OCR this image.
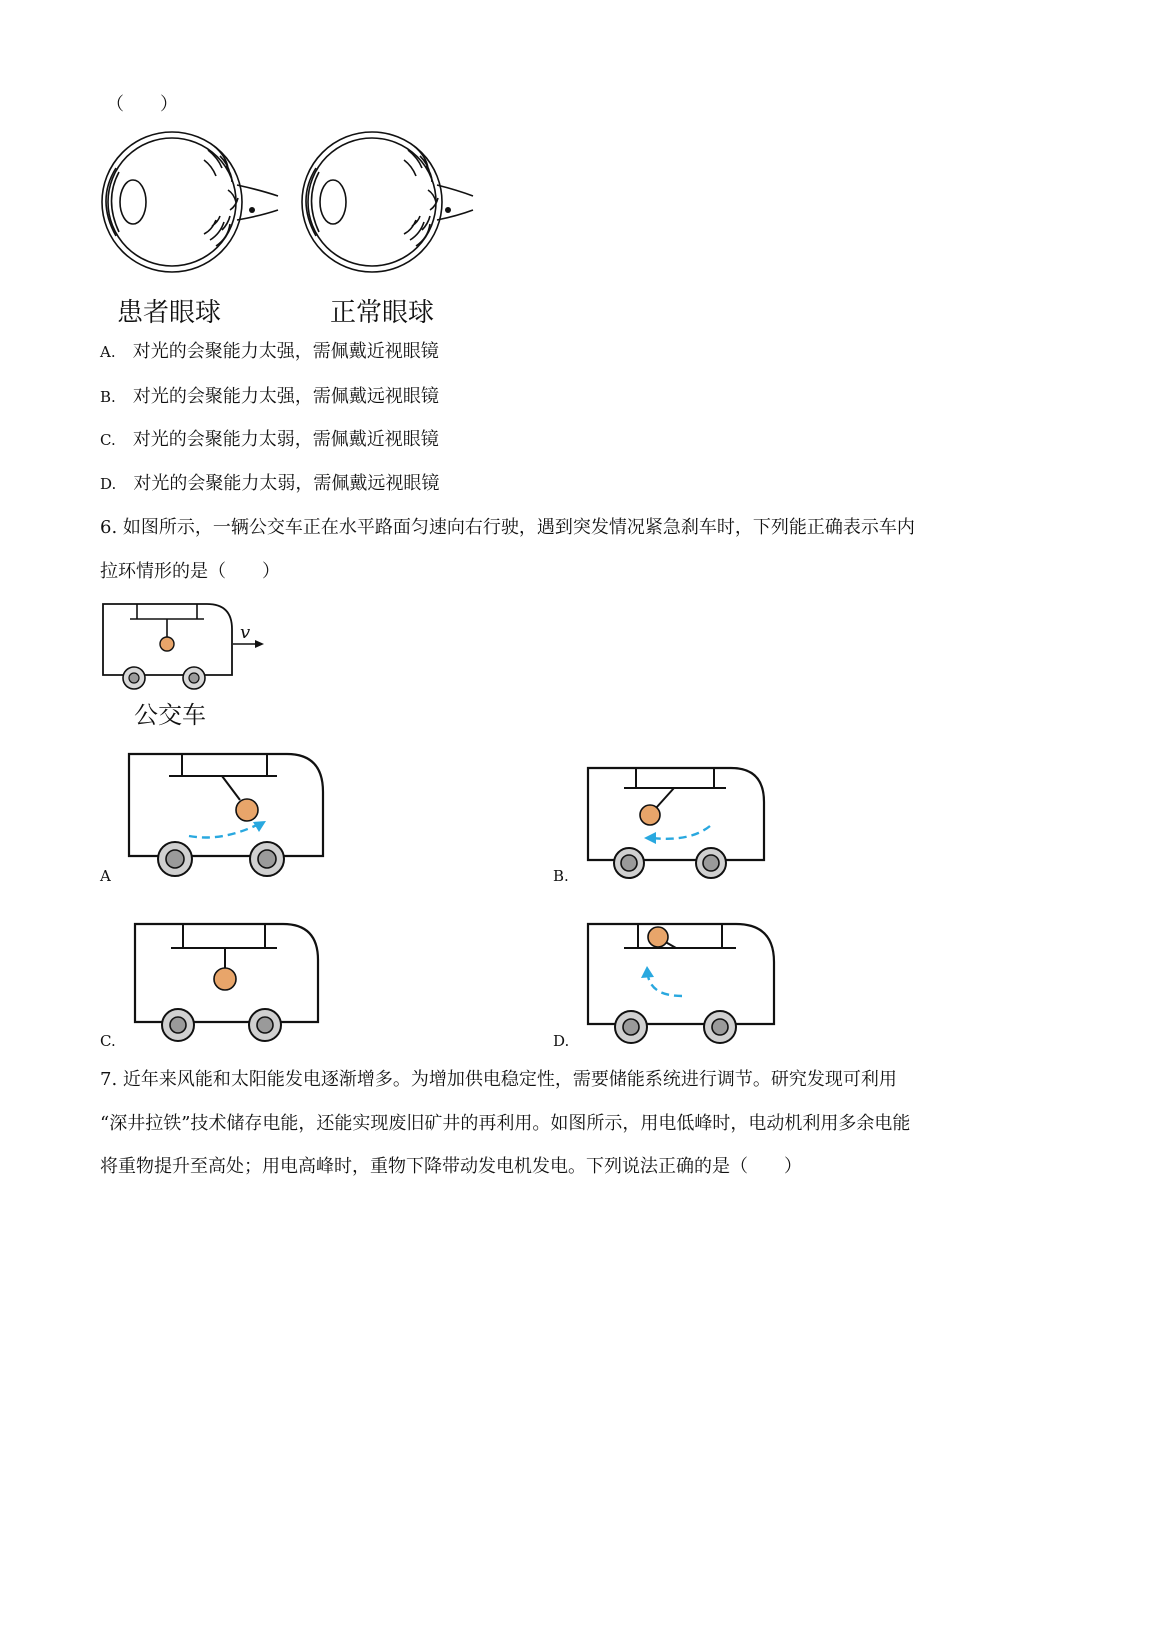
（　　）
患者眼球	正常眼球
A. 对光的会聚能力太强，需佩戴近视眼镜
B. 对光的会聚能力太强，需佩戴远视眼镜
C. 对光的会聚能力太弱，需佩戴近视眼镜
D. 对光的会聚能力太弱，需佩戴远视眼镜
6. 如图所示，一辆公交车正在水平路面匀速向右行驶，遇到突发情况紧急刹车时，下列能正确表示车内
拉环情形的是（　　）
v
公交车
A	B.
C.	D.
7. 近年来风能和太阳能发电逐渐增多。为增加供电稳定性，需要储能系统进行调节。研究发现可利用
“深井拉铁”技术储存电能，还能实现废旧矿井的再利用。如图所示，用电低峰时，电动机利用多余电能
将重物提升至高处；用电高峰时，重物下降带动发电机发电。下列说法正确的是（　　）
